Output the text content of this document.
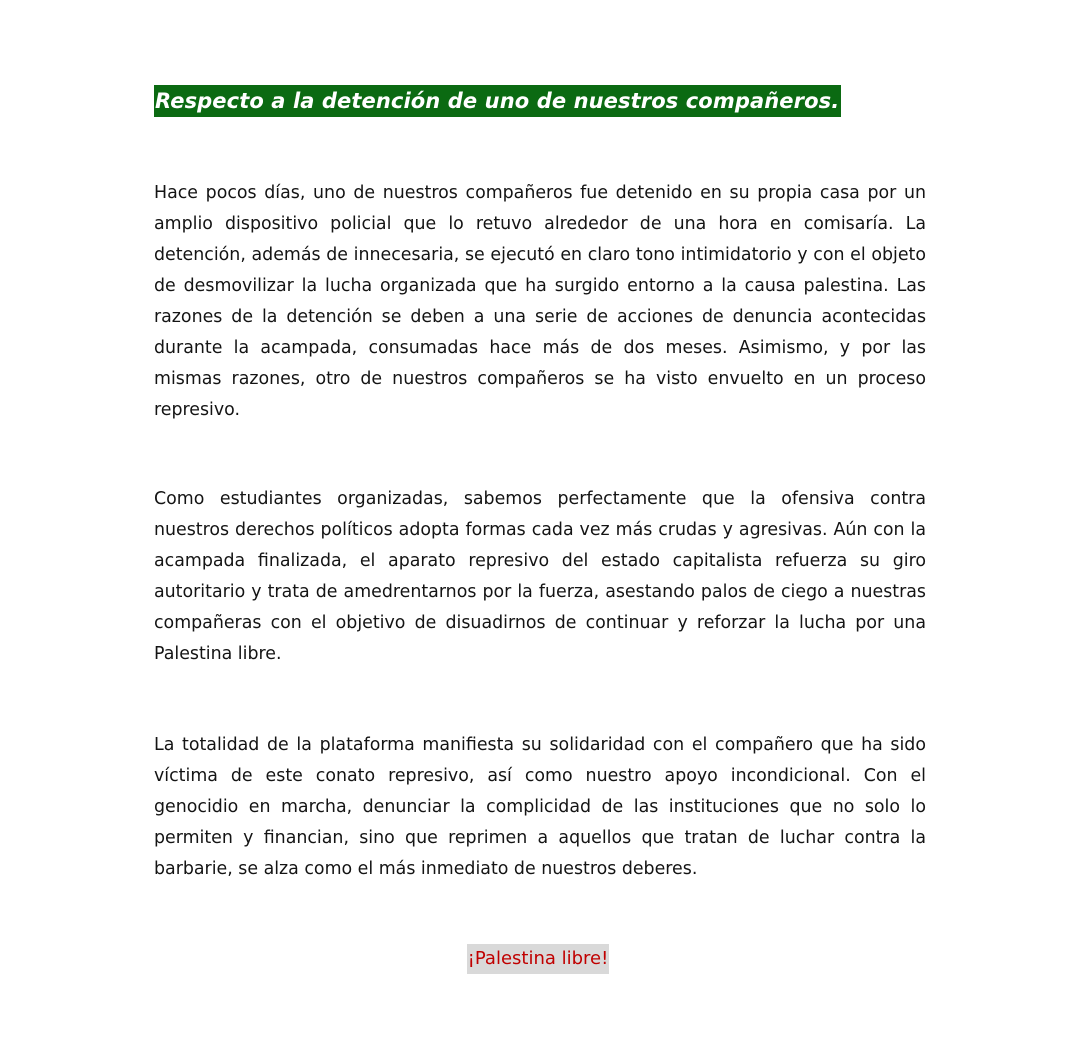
Respecto a la detención de uno de nuestros compañeros.

Hace pocos días, uno de nuestros compañeros fue detenido en su propia casa por un amplio dispositivo policial que lo retuvo alrededor de una hora en comisaría. La detención, además de innecesaria, se ejecutó en claro tono intimidatorio y con el objeto de desmovilizar la lucha organizada que ha surgido entorno a la causa palestina. Las razones de la detención se deben a una serie de acciones de denuncia acontecidas durante la acampada, consumadas hace más de dos meses. Asimismo, y por las mismas razones, otro de nuestros compañeros se ha visto envuelto en un proceso represivo.

Como estudiantes organizadas, sabemos perfectamente que la ofensiva contra nuestros derechos políticos adopta formas cada vez más crudas y agresivas. Aún con la acampada finalizada, el aparato represivo del estado capitalista refuerza su giro autoritario y trata de amedrentarnos por la fuerza, asestando palos de ciego a nuestras compañeras con el objetivo de disuadirnos de continuar y reforzar la lucha por una Palestina libre.

La totalidad de la plataforma manifiesta su solidaridad con el compañero que ha sido víctima de este conato represivo, así como nuestro apoyo incondicional. Con el genocidio en marcha, denunciar la complicidad de las instituciones que no solo lo permiten y financian, sino que reprimen a aquellos que tratan de luchar contra la barbarie, se alza como el más inmediato de nuestros deberes.

¡Palestina libre!
